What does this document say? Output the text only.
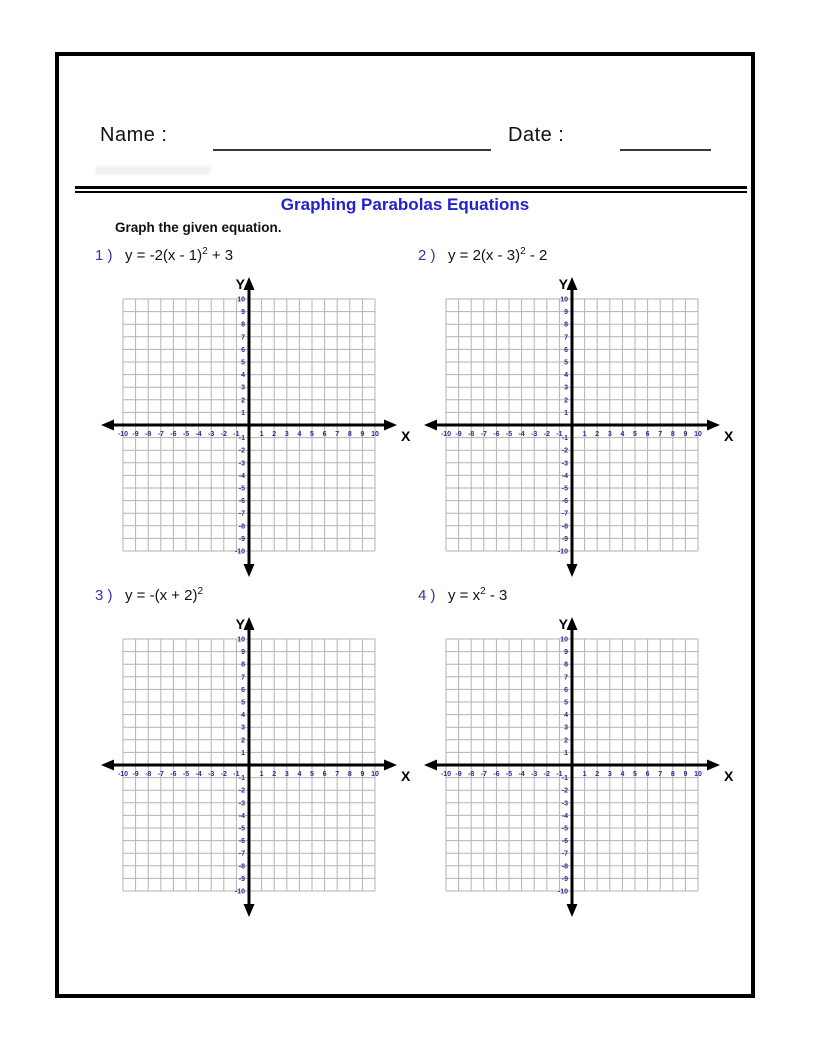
Name :	Date :
Graphing Parabolas Equations
Graph the given equation.
1 ) y = -2(x - 1)$^2$ + 3
-10 -9 -8 -7 -6 -5 -4 -3 -2 -1	1 2 3 4 5 6 7 8 9 10
10
9
8
7
6
5
4
3
2
1
-1
-2
-3
-4
-5
-6
-7
-8
-9
-10
X
Y
2 ) y = 2(x - 3)$^2$ - 2
-10 -9 -8 -7 -6 -5 -4 -3 -2 -1	1 2 3 4 5 6 7 8 9 10
10
9
8
7
6
5
4
3
2
1
-1
-2
-3
-4
-5
-6
-7
-8
-9
-10
X
Y
3 ) $y = -(x + 2)^2$
-10 -9 -8 -7 -6 -5 -4 -3 -2 -1	1 2 3 4 5 6 7 8 9 10
10
9
8
7
6
5
4
3
2
1
-1
-2
-3
-4
-5
-6
-7
-8
-9
-10
X
Y
4 ) $y = x^2 - 3$
-10 -9 -8 -7 -6 -5 -4 -3 -2 -1	1 2 3 4 5 6 7 8 9 10
10
9
8
7
6
5
4
3
2
1
-1
-2
-3
-4
-5
-6
-7
-8
-9
-10
X
Y
